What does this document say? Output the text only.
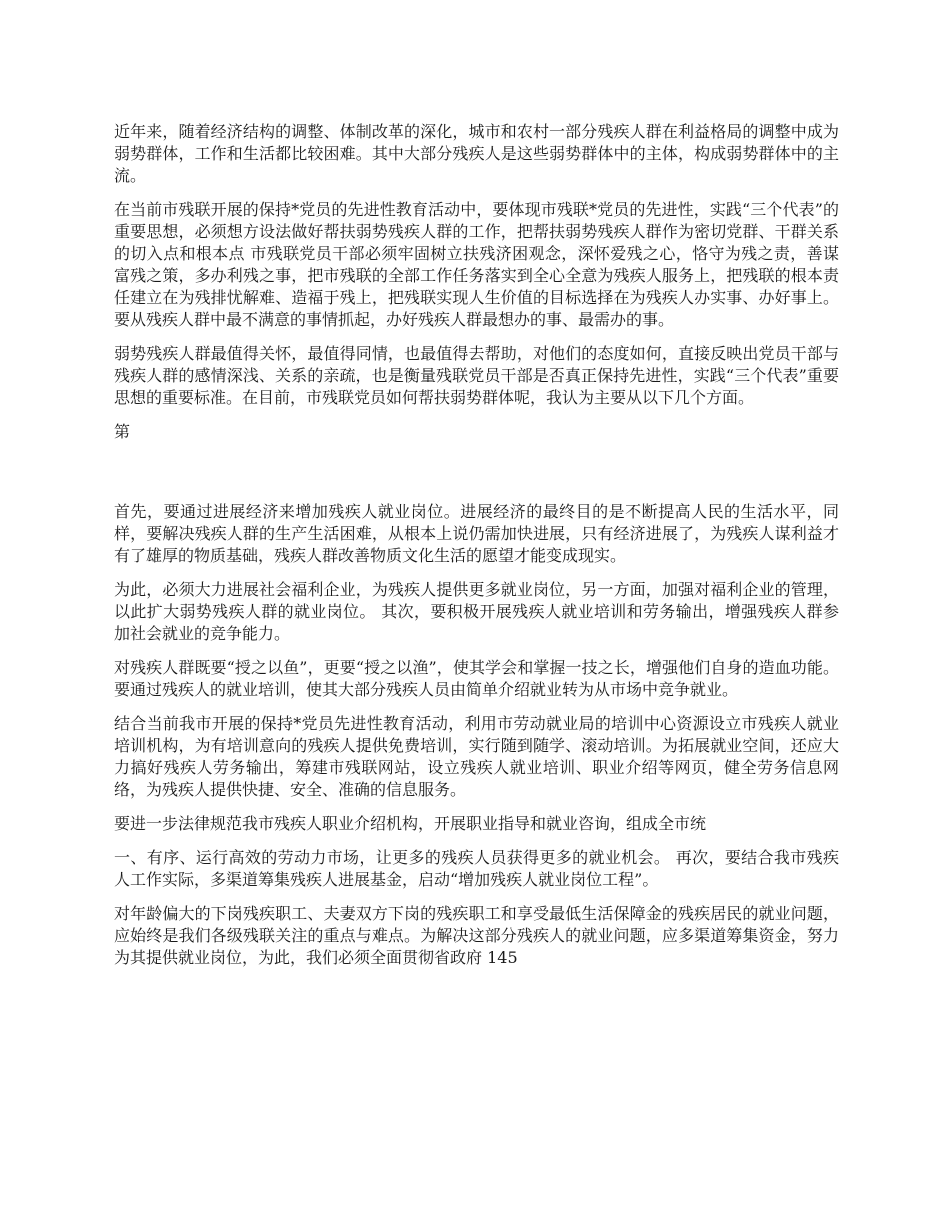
近年来，随着经济结构的调整、体制改革的深化，城市和农村一部分残疾人群在利益格局的调整中成为弱势群体，工作和生活都比较困难。其中大部分残疾人是这些弱势群体中的主体，构成弱势群体中的主流。

在当前市残联开展的保持*党员的先进性教育活动中，要体现市残联*党员的先进性，实践“三个代表”的重要思想，必须想方设法做好帮扶弱势残疾人群的工作，把帮扶弱势残疾人群作为密切党群、干群关系的切入点和根本点 市残联党员干部必须牢固树立扶残济困观念，深怀爱残之心，恪守为残之责，善谋富残之策，多办利残之事，把市残联的全部工作任务落实到全心全意为残疾人服务上，把残联的根本责任建立在为残排忧解难、造福于残上，把残联实现人生价值的目标选择在为残疾人办实事、办好事上。要从残疾人群中最不满意的事情抓起，办好残疾人群最想办的事、最需办的事。

弱势残疾人群最值得关怀，最值得同情，也最值得去帮助，对他们的态度如何，直接反映出党员干部与残疾人群的感情深浅、关系的亲疏，也是衡量残联党员干部是否真正保持先进性，实践“三个代表”重要思想的重要标准。在目前，市残联党员如何帮扶弱势群体呢，我认为主要从以下几个方面。

第

首先，要通过进展经济来增加残疾人就业岗位。进展经济的最终目的是不断提高人民的生活水平，同样，要解决残疾人群的生产生活困难，从根本上说仍需加快进展，只有经济进展了，为残疾人谋利益才有了雄厚的物质基础，残疾人群改善物质文化生活的愿望才能变成现实。

为此，必须大力进展社会福利企业，为残疾人提供更多就业岗位，另一方面，加强对福利企业的管理，以此扩大弱势残疾人群的就业岗位。 其次，要积极开展残疾人就业培训和劳务输出，增强残疾人群参加社会就业的竞争能力。

对残疾人群既要“授之以鱼”，更要“授之以渔”，使其学会和掌握一技之长，增强他们自身的造血功能。要通过残疾人的就业培训，使其大部分残疾人员由简单介绍就业转为从市场中竞争就业。

结合当前我市开展的保持*党员先进性教育活动，利用市劳动就业局的培训中心资源设立市残疾人就业培训机构，为有培训意向的残疾人提供免费培训，实行随到随学、滚动培训。为拓展就业空间，还应大力搞好残疾人劳务输出，筹建市残联网站，设立残疾人就业培训、职业介绍等网页，健全劳务信息网络，为残疾人提供快捷、安全、准确的信息服务。

要进一步法律规范我市残疾人职业介绍机构，开展职业指导和就业咨询，组成全市统

一、有序、运行高效的劳动力市场，让更多的残疾人员获得更多的就业机会。 再次，要结合我市残疾人工作实际，多渠道筹集残疾人进展基金，启动“增加残疾人就业岗位工程”。

对年龄偏大的下岗残疾职工、夫妻双方下岗的残疾职工和享受最低生活保障金的残疾居民的就业问题，应始终是我们各级残联关注的重点与难点。为解决这部分残疾人的就业问题，应多渠道筹集资金，努力为其提供就业岗位，为此，我们必须全面贯彻省政府 145
